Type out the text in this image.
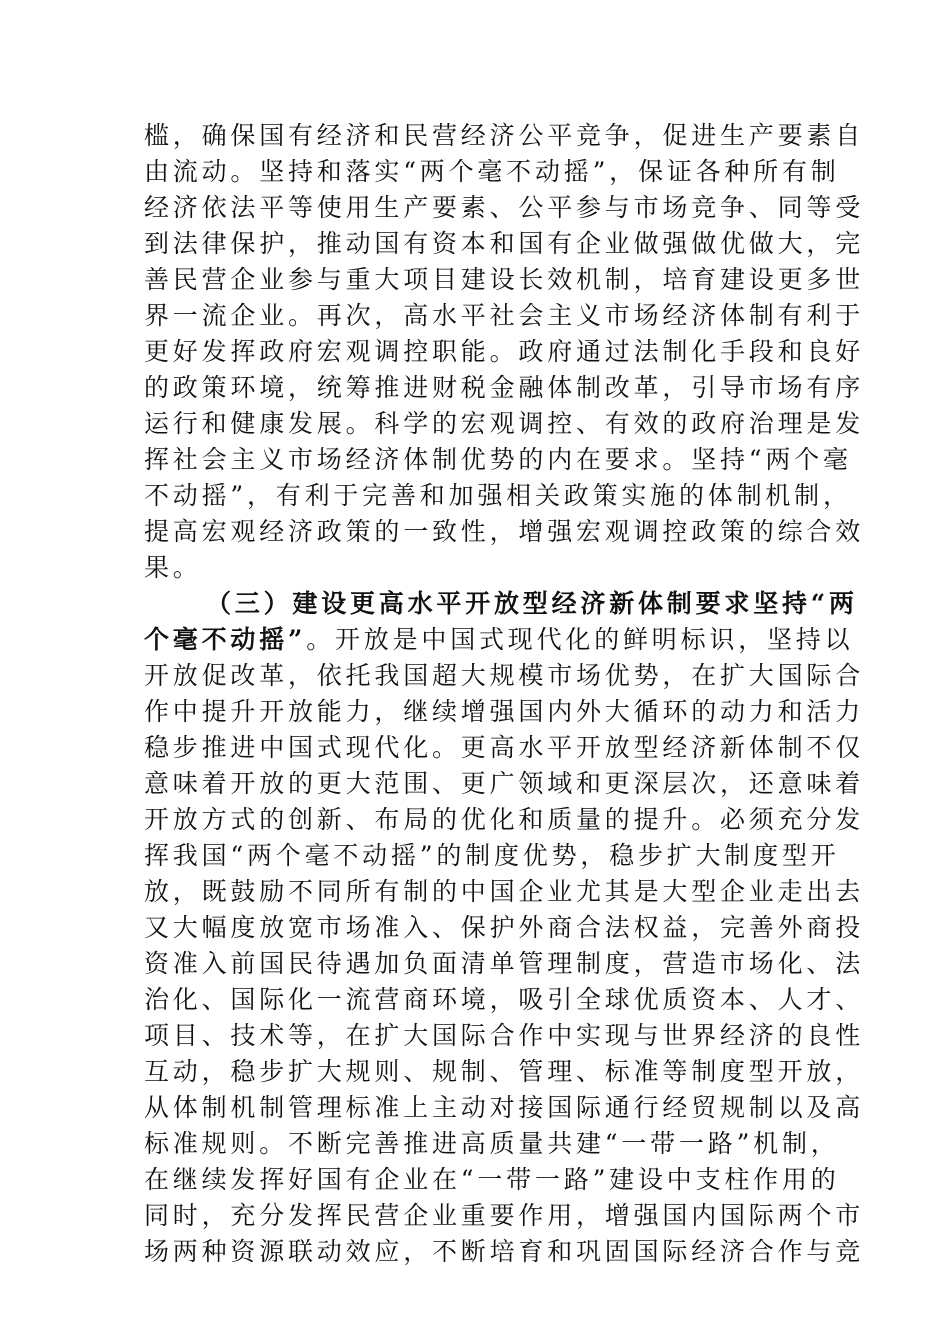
槛，确保国有经济和民营经济公平竞争，促进生产要素自
由流动。坚持和落实“两个毫不动摇”，保证各种所有制
经济依法平等使用生产要素、公平参与市场竞争、同等受
到法律保护，推动国有资本和国有企业做强做优做大，完
善民营企业参与重大项目建设长效机制，培育建设更多世
界一流企业。再次，高水平社会主义市场经济体制有利于
更好发挥政府宏观调控职能。政府通过法制化手段和良好
的政策环境，统筹推进财税金融体制改革，引导市场有序
运行和健康发展。科学的宏观调控、有效的政府治理是发
挥社会主义市场经济体制优势的内在要求。坚持“两个毫
不动摇”，有利于完善和加强相关政策实施的体制机制，
提高宏观经济政策的一致性，增强宏观调控政策的综合效
果。
（三）建设更高水平开放型经济新体制要求坚持“两
个毫不动摇”。开放是中国式现代化的鲜明标识，坚持以
开放促改革，依托我国超大规模市场优势，在扩大国际合
作中提升开放能力，继续增强国内外大循环的动力和活力
稳步推进中国式现代化。更高水平开放型经济新体制不仅
意味着开放的更大范围、更广领域和更深层次，还意味着
开放方式的创新、布局的优化和质量的提升。必须充分发
挥我国“两个毫不动摇”的制度优势，稳步扩大制度型开
放，既鼓励不同所有制的中国企业尤其是大型企业走出去
又大幅度放宽市场准入、保护外商合法权益，完善外商投
资准入前国民待遇加负面清单管理制度，营造市场化、法
治化、国际化一流营商环境，吸引全球优质资本、人才、
项目、技术等，在扩大国际合作中实现与世界经济的良性
互动，稳步扩大规则、规制、管理、标准等制度型开放，
从体制机制管理标准上主动对接国际通行经贸规制以及高
标准规则。不断完善推进高质量共建“一带一路”机制，
在继续发挥好国有企业在“一带一路”建设中支柱作用的
同时，充分发挥民营企业重要作用，增强国内国际两个市
场两种资源联动效应，不断培育和巩固国际经济合作与竞
